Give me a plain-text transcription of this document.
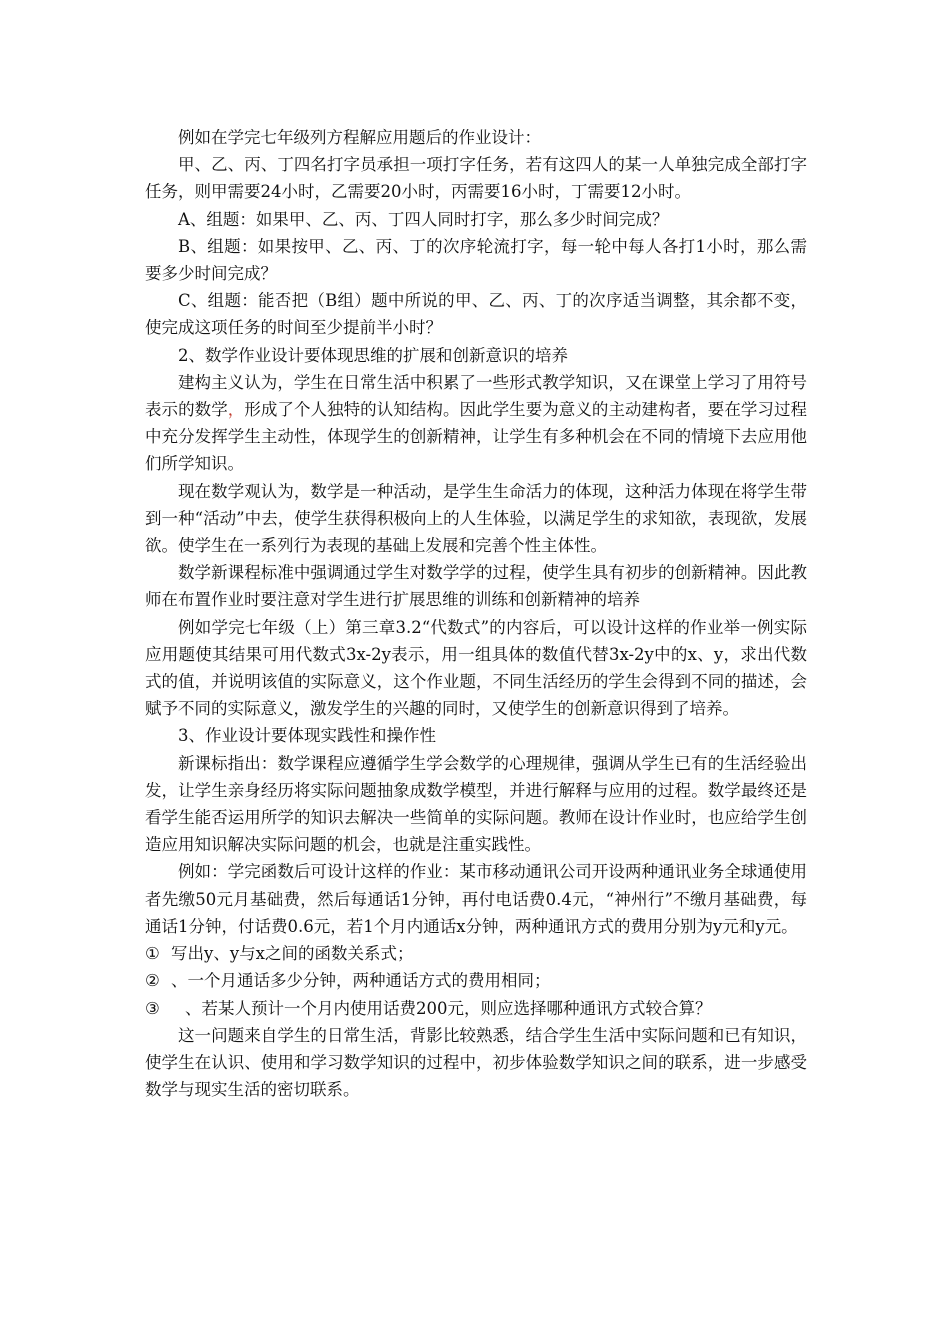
例如在学完七年级列方程解应用题后的作业设计：

甲、乙、丙、丁四名打字员承担一项打字任务，若有这四人的某一人单独完成全部打字任务，则甲需要24小时，乙需要20小时，丙需要16小时，丁需要12小时。

A、组题：如果甲、乙、丙、丁四人同时打字，那么多少时间完成？

B、组题：如果按甲、乙、丙、丁的次序轮流打字，每一轮中每人各打1小时，那么需要多少时间完成？

C、组题：能否把（B组）题中所说的甲、乙、丙、丁的次序适当调整，其余都不变，使完成这项任务的时间至少提前半小时？

2、数学作业设计要体现思维的扩展和创新意识的培养

建构主义认为，学生在日常生活中积累了一些形式教学知识，又在课堂上学习了用符号表示的数学，形成了个人独特的认知结构。因此学生要为意义的主动建构者，要在学习过程中充分发挥学生主动性，体现学生的创新精神，让学生有多种机会在不同的情境下去应用他们所学知识。

现在数学观认为，数学是一种活动，是学生生命活力的体现，这种活力体现在将学生带到一种“活动”中去，使学生获得积极向上的人生体验，以满足学生的求知欲，表现欲，发展欲。使学生在一系列行为表现的基础上发展和完善个性主体性。

数学新课程标准中强调通过学生对数学学的过程，使学生具有初步的创新精神。因此教师在布置作业时要注意对学生进行扩展思维的训练和创新精神的培养

例如学完七年级（上）第三章3.2“代数式”的内容后，可以设计这样的作业举一例实际应用题使其结果可用代数式3x-2y表示，用一组具体的数值代替3x-2y中的x、y，求出代数式的值，并说明该值的实际意义，这个作业题，不同生活经历的学生会得到不同的描述，会赋予不同的实际意义，激发学生的兴趣的同时，又使学生的创新意识得到了培养。

3、作业设计要体现实践性和操作性

新课标指出：数学课程应遵循学生学会数学的心理规律，强调从学生已有的生活经验出发，让学生亲身经历将实际问题抽象成数学模型，并进行解释与应用的过程。数学最终还是看学生能否运用所学的知识去解决一些简单的实际问题。教师在设计作业时，也应给学生创造应用知识解决实际问题的机会，也就是注重实践性。

例如：学完函数后可设计这样的作业：某市移动通讯公司开设两种通讯业务全球通使用者先缴50元月基础费，然后每通话1分钟，再付电话费0.4元，“神州行”不缴月基础费，每通话1分钟，付话费0.6元，若1个月内通话x分钟，两种通讯方式的费用分别为y元和y元。

① 写出y、y与x之间的函数关系式；

② 、一个月通话多少分钟，两种通话方式的费用相同；

③ 、若某人预计一个月内使用话费200元，则应选择哪种通讯方式较合算？

这一问题来自学生的日常生活，背影比较熟悉，结合学生生活中实际问题和已有知识，使学生在认识、使用和学习数学知识的过程中，初步体验数学知识之间的联系，进一步感受数学与现实生活的密切联系。
